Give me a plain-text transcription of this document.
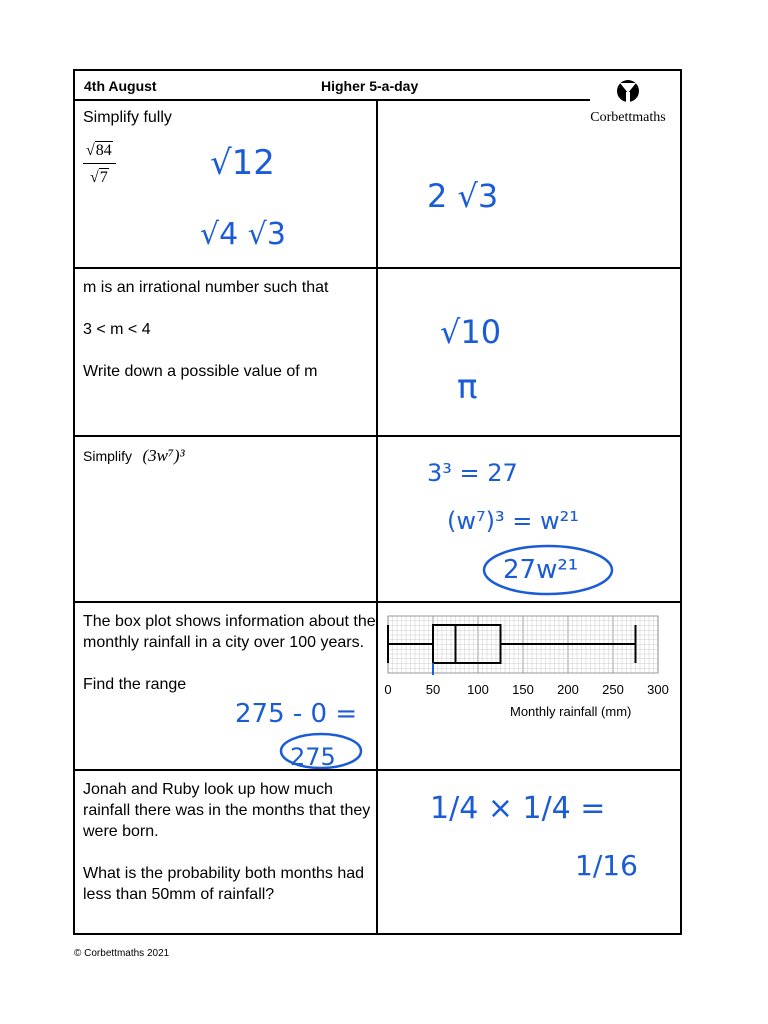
4th August	Higher 5-a-day
Corbettmaths
Simplify fully
$\frac{√84}{√7}$	√12
√4 √3
2 √3

m is an irrational number such that

3 < m < 4

Write down a possible value of m

√10
π
Simplify (3w⁷)³
3³ = 27
(w⁷)³ = w²¹
27w²¹

The box plot shows information about the monthly rainfall in a city over 100 years.

Find the range	0	50 100 150 200 250 300
Monthly rainfall (mm)
275 - 0 =
275

Jonah and Ruby look up how much rainfall there was in the months that they were born.

What is the probability both months had less than 50mm of rainfall?

1/4 × 1/4 =
1/16
© Corbettmaths 2021
